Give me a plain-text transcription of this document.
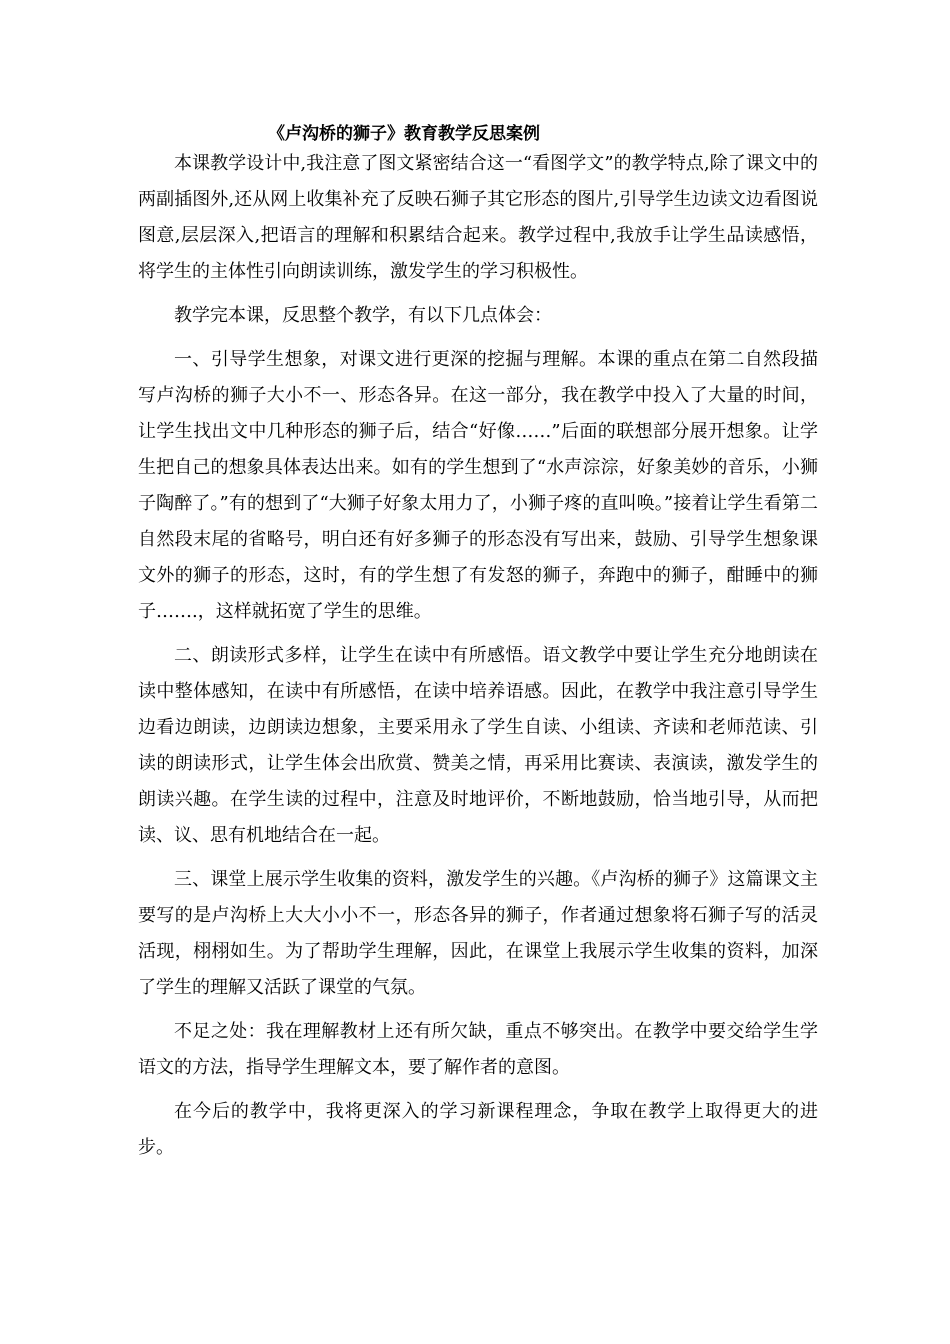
《卢沟桥的狮子》教育教学反思案例

本课教学设计中,我注意了图文紧密结合这一“看图学文”的教学特点,除了课文中的两副插图外,还从网上收集补充了反映石狮子其它形态的图片,引导学生边读文边看图说图意,层层深入,把语言的理解和积累结合起来。教学过程中,我放手让学生品读感悟，将学生的主体性引向朗读训练，激发学生的学习积极性。

教学完本课，反思整个教学，有以下几点体会：

一、引导学生想象，对课文进行更深的挖掘与理解。本课的重点在第二自然段描写卢沟桥的狮子大小不一、形态各异。在这一部分，我在教学中投入了大量的时间，让学生找出文中几种形态的狮子后，结合“好像……”后面的联想部分展开想象。让学生把自己的想象具体表达出来。如有的学生想到了“水声淙淙，好象美妙的音乐，小狮子陶醉了。”有的想到了“大狮子好象太用力了，小狮子疼的直叫唤。”接着让学生看第二自然段末尾的省略号，明白还有好多狮子的形态没有写出来，鼓励、引导学生想象课文外的狮子的形态，这时，有的学生想了有发怒的狮子，奔跑中的狮子，酣睡中的狮子…….，这样就拓宽了学生的思维。

二、朗读形式多样，让学生在读中有所感悟。语文教学中要让学生充分地朗读在读中整体感知，在读中有所感悟，在读中培养语感。因此，在教学中我注意引导学生边看边朗读，边朗读边想象，主要采用永了学生自读、小组读、齐读和老师范读、引读的朗读形式，让学生体会出欣赏、赞美之情，再采用比赛读、表演读，激发学生的朗读兴趣。在学生读的过程中，注意及时地评价，不断地鼓励，恰当地引导，从而把读、议、思有机地结合在一起。

三、课堂上展示学生收集的资料，激发学生的兴趣。《卢沟桥的狮子》这篇课文主要写的是卢沟桥上大大小小不一，形态各异的狮子，作者通过想象将石狮子写的活灵活现，栩栩如生。为了帮助学生理解，因此，在课堂上我展示学生收集的资料，加深了学生的理解又活跃了课堂的气氛。

不足之处：我在理解教材上还有所欠缺，重点不够突出。在教学中要交给学生学语文的方法，指导学生理解文本，要了解作者的意图。

在今后的教学中，我将更深入的学习新课程理念，争取在教学上取得更大的进步。
